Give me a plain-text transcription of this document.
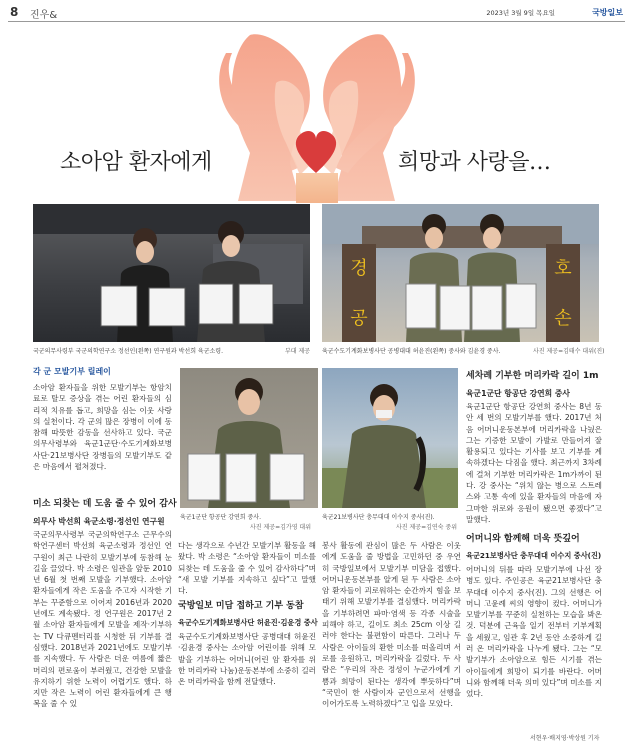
8 진우&	2023년 3월 9일 목요일	국방일보
소아암 환자에게	희망과 사랑을…
국군의무사령부 국군의학연구소 정선인(왼쪽) 연구원과 박선희 육군소령.	부대 제공
경	호
공	손
육군수도기계화보병사단 공병대대 허윤진(왼쪽) 중사와 김윤경 중사.	사진 제공=김태수 대위(진)
각 군 모발기부 릴레이

소아암 환자들을 위한 모발기부는 항암치료로 탈모 증상을 겪는 어린 환자들의 심리적 치유를 돕고, 희망을 심는 이웃 사랑의 실천이다. 각 군의 많은 장병이 이에 동참해 따뜻한 감동을 선사하고 있다. 국군의무사령부와 육군1군단·수도기계화보병사단·21보병사단 장병들의 모발기부도 같은 마음에서 펼쳐졌다.

미소 되찾는 데 도움 줄 수 있어 감사
의무사 박선희 육군소령·정선인 연구원

국군의무사령부 국군의학연구소 근무수의학연구센터 박선희 육군소령과 정선인 연구원이 최근 나란히 모발기부에 동참해 눈길을 끌었다. 박 소령은 임관을 앞둔 2010년 6월 첫 번째 모발을 기부했다. 소아암 환자들에게 작은 도움을 주고자 시작한 기부는 꾸준함으로 이어져 2016년과 2020년에도 계속됐다. 정 연구원은 2017년 2월 소아암 환자들에게 모발을 제작·기부하는 TV 다큐멘터리를 시청한 뒤 기부를 결심했다. 2018년과 2021년에도 모발기부를 지속했다. 두 사람은 더운 여름에 짧은 머리의 편로움이 부러웠고, 건강한 모발을 유지하기 위한 노력이 어렵기도 했다. 하지만 작은 노력이 어린 환자들에게 큰 행복을 줄 수 있

육군1군단 항공단 강연희 중사.
사진 제공=김가영 대위
육군21보병사단 충무대대 이수지 중사(진).
사진 제공=김연숙 중위

다는 생각으로 수년간 모발기부 활동을 해왔다. 박 소령은 “소아암 환자들이 미소를 되찾는 데 도움을 줄 수 있어 감사하다”며 “새 모발 기부를 지속하고 싶다”고 말했다.

국방일보 미담 접하고 기부 동참
육군수도기계화보병사단 허윤진·김윤경 중사

육군수도기계화보병사단 공병대대 허윤진·김윤경 중사는 소아암 어린이를 위해 모발을 기부하는 어머니(어린 암 환자를 위한 머리카락 나눔)운동본부에 소중히 길러 온 머리카락을 함께 전달했다.

봉사 활동에 관심이 많은 두 사람은 이웃에게 도움을 줄 방법을 고민하던 중 우연히 국방일보에서 모발기부 미담을 접했다. 어머니운동본부를 알게 된 두 사람은 소아암 환자들이 괴로워하는 순간까지 힘을 보태기 위해 모발기부를 결심했다. 머리카락을 기부하려면 파마·염색 등 각종 시술을 피해야 하고, 길이도 최소 25cm 이상 길러야 한다는 불편함이 따른다. 그러나 두 사람은 아이들의 환한 미소를 떠올리며 서로를 응원하고, 머리카락을 길렀다. 두 사람은 “우리의 작은 정성이 누군가에게 기쁨과 희망이 된다는 생각에 뿌듯하다”며 “국민이 한 사람이자 군인으로서 선행을 이어가도록 노력하겠다”고 입을 모았다.

세차례 기부한 머리카락 길이 1m
육군1군단 항공단 강연희 중사

육군1군단 항공단 강연희 중사는 8년 동안 세 번의 모발기부를 했다. 2017년 처음 어머니운동본부에 머리카락을 나눴은 그는 기증한 모발이 가발로 만들어져 잘 활용되고 있다는 기사를 보고 기부를 계속하겠다는 다짐을 했다. 최근까지 3차례에 걸쳐 기부한 머리카락은 1m가까이 된다. 강 중사는 “위치 않는 병으로 스트레스와 고통 속에 있을 환자들의 마음에 자그마한 위로와 응원이 됐으면 좋겠다”고 말했다.

어머니와 함께해 더욱 뜻깊어
육군21보병사단 충무대대 이수지 중사(진)

어머니의 뒤를 따라 모발기부에 나선 장병도 있다. 주인공은 육군21보병사단 충무대대 이수지 중사(진). 그의 선행은 어머니 고윤례 씨의 영향이 컸다. 어머니가 모발기부를 꾸준히 실천하는 모습을 봐온 것. 덕분에 근육을 일기 전부터 기부계획을 세웠고, 임관 후 2년 동안 소중하게 길러 온 머리카락을 나누게 됐다. 그는 “모발기부가 소아암으로 힘든 시기를 겪는 아이들에게 희망이 되기를 바란다. 어머니와 함께해 더욱 의미 있다”며 미소를 지었다.

서현우·배지영·박상원 기자
